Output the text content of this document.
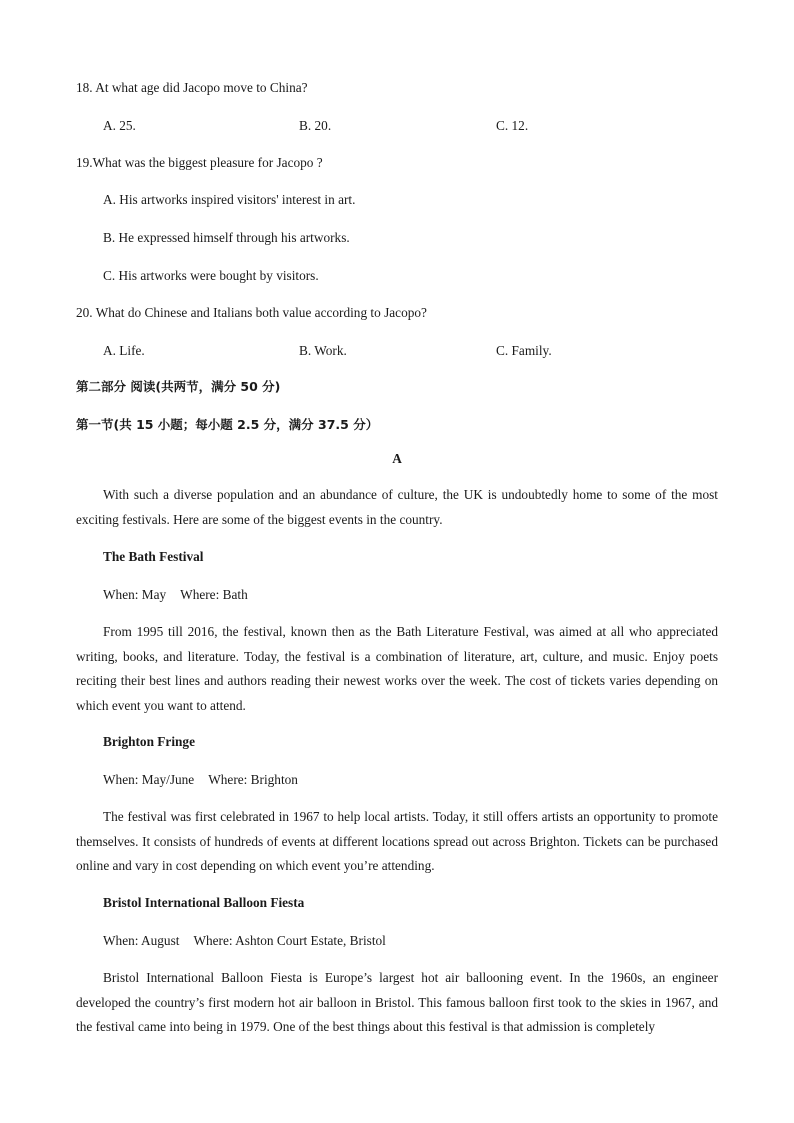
18. At what age did Jacopo move to China?
A. 25.	B. 20.	C. 12.
19.What was the biggest pleasure for Jacopo ?
A. His artworks inspired visitors' interest in art.
B. He expressed himself through his artworks.
C. His artworks were bought by visitors.
20. What do Chinese and Italians both value according to Jacopo?
A. Life.	B. Work.	C. Family.
第二部分 阅读(共两节，满分 50 分)
第一节(共 15 小题；每小题 2.5 分，满分 37.5 分）
A
With such a diverse population and an abundance of culture, the UK is undoubtedly home to some of the most exciting festivals. Here are some of the biggest events in the country.
The Bath Festival
When: May Where: Bath
From 1995 till 2016, the festival, known then as the Bath Literature Festival, was aimed at all who appreciated writing, books, and literature. Today, the festival is a combination of literature, art, culture, and music. Enjoy poets reciting their best lines and authors reading their newest works over the week. The cost of tickets varies depending on which event you want to attend.
Brighton Fringe
When: May/June Where: Brighton
The festival was first celebrated in 1967 to help local artists. Today, it still offers artists an opportunity to promote themselves. It consists of hundreds of events at different locations spread out across Brighton. Tickets can be purchased online and vary in cost depending on which event you’re attending.
Bristol International Balloon Fiesta
When: August Where: Ashton Court Estate, Bristol
Bristol International Balloon Fiesta is Europe’s largest hot air ballooning event. In the 1960s, an engineer developed the country’s first modern hot air balloon in Bristol. This famous balloon first took to the skies in 1967, and the festival came into being in 1979. One of the best things about this festival is that admission is completely
